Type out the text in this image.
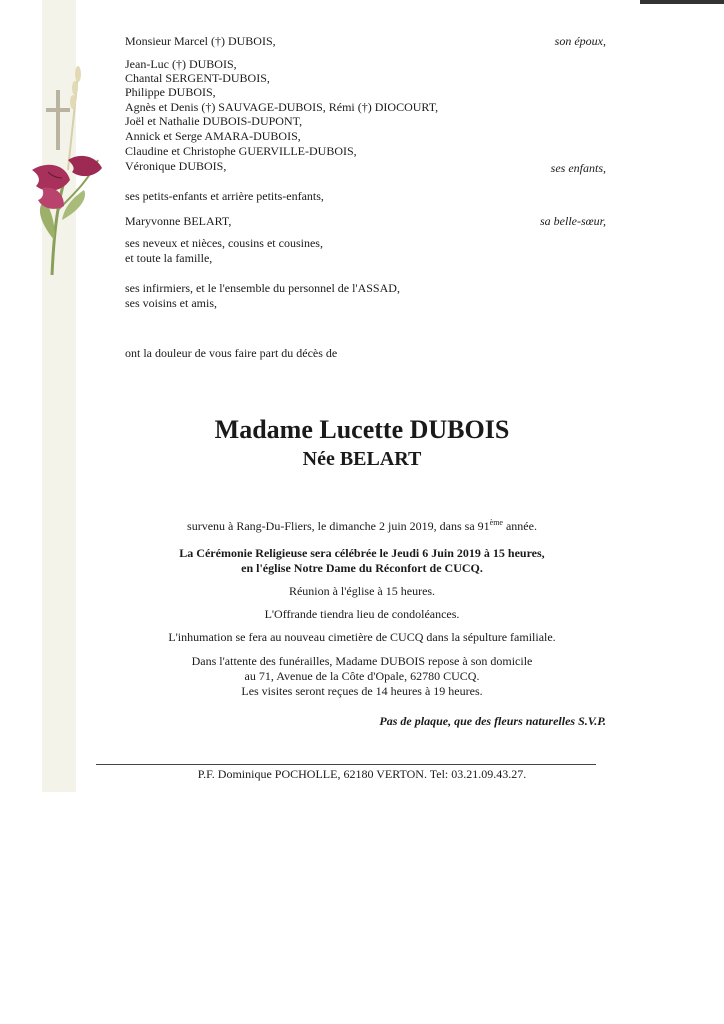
Monsieur Marcel (†) DUBOIS,	son époux,
Jean-Luc (†) DUBOIS,
Chantal SERGENT-DUBOIS,
Philippe DUBOIS,
Agnès et Denis (†) SAUVAGE-DUBOIS, Rémi (†) DIOCOURT,
Joël et Nathalie DUBOIS-DUPONT,
Annick et Serge AMARA-DUBOIS,
Claudine et Christophe GUERVILLE-DUBOIS,
Véronique DUBOIS,	ses enfants,
ses petits-enfants et arrière petits-enfants,
Maryvonne BELART,	sa belle-sœur,
ses neveux et nièces, cousins et cousines,
et toute la famille,
ses infirmiers, et le l'ensemble du personnel de l'ASSAD,
ses voisins et amis,
ont la douleur de vous faire part du décès de
Madame Lucette DUBOIS
Née BELART
survenu à Rang-Du-Fliers, le dimanche 2 juin 2019, dans sa 91ème année.
La Cérémonie Religieuse sera célébrée le Jeudi 6 Juin 2019 à 15 heures,
en l'église Notre Dame du Réconfort de CUCQ.
Réunion à l'église à 15 heures.
L'Offrande tiendra lieu de condoléances.
L'inhumation se fera au nouveau cimetière de CUCQ dans la sépulture familiale.
Dans l'attente des funérailles, Madame DUBOIS repose à son domicile
au 71, Avenue de la Côte d'Opale, 62780 CUCQ.
Les visites seront reçues de 14 heures à 19 heures.
Pas de plaque, que des fleurs naturelles S.V.P.
P.F. Dominique POCHOLLE, 62180 VERTON. Tel: 03.21.09.43.27.
